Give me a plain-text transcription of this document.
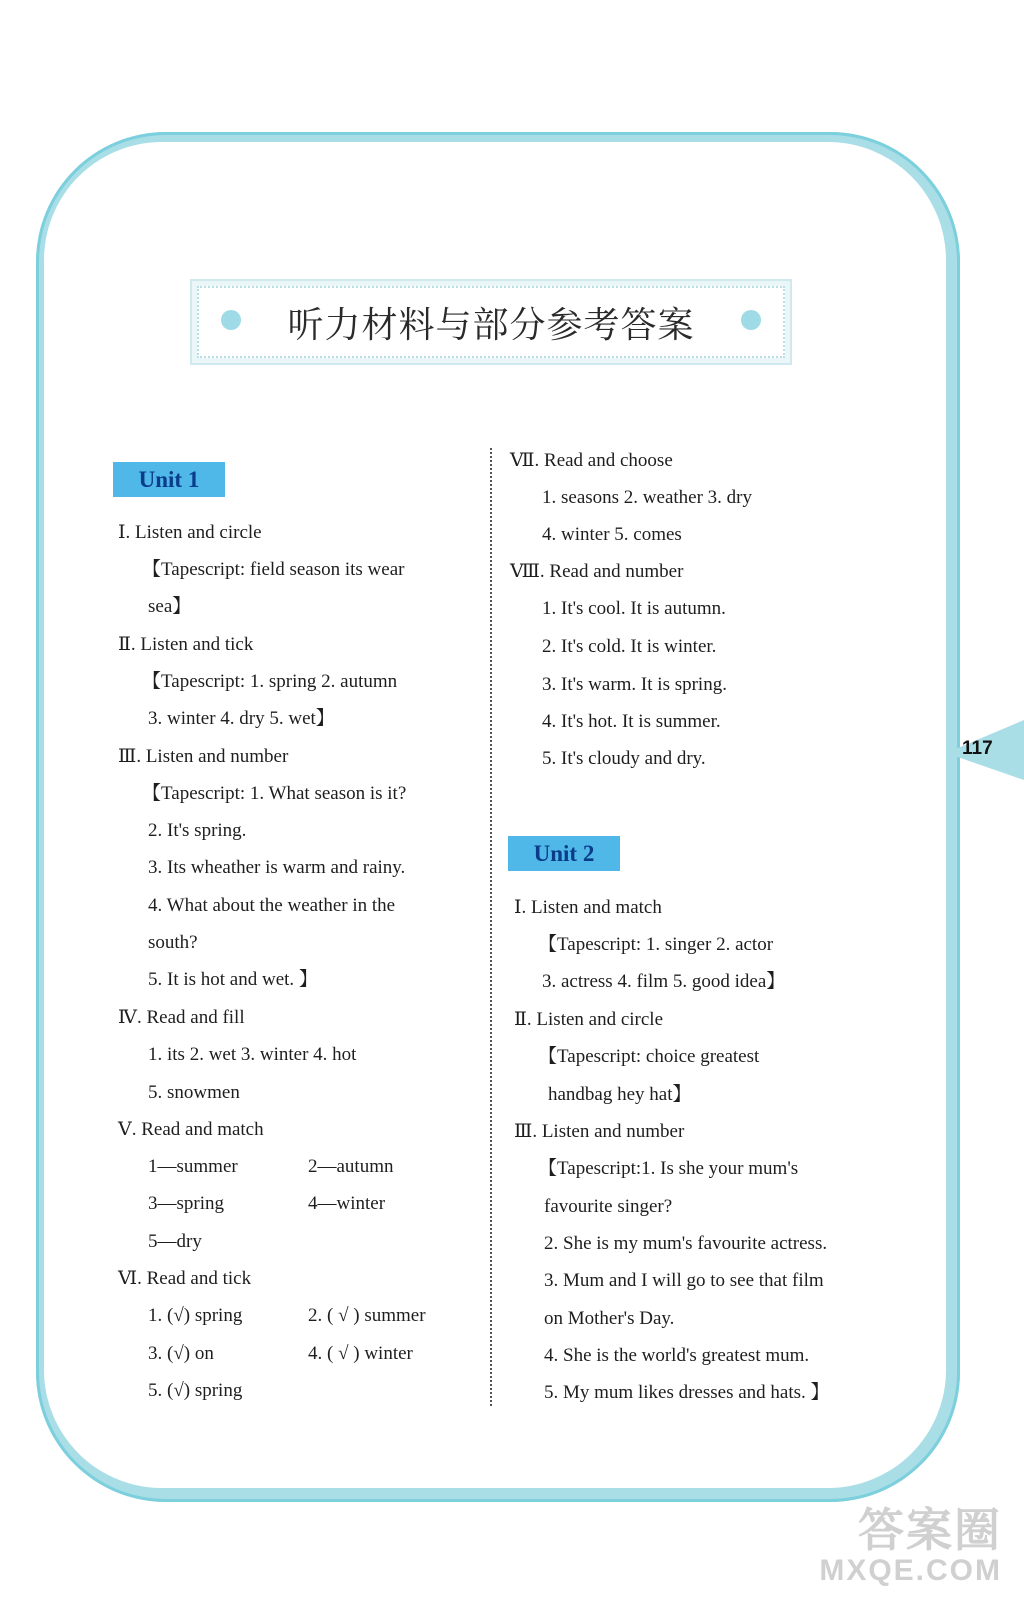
听力材料与部分参考答案
Unit 1
Ⅰ. Listen and circle
【Tapescript: field season its wear
sea】
Ⅱ. Listen and tick
【Tapescript: 1. spring 2. autumn
3. winter 4. dry 5. wet】
Ⅲ. Listen and number
【Tapescript: 1. What season is it?
2. It's spring.
3. Its wheather is warm and rainy.
4. What about the weather in the
south?
5. It is hot and wet. 】
Ⅳ. Read and fill
1. its 2. wet 3. winter 4. hot
5. snowmen
Ⅴ. Read and match
1—summer	2—autumn
3—spring	4—winter
5—dry
Ⅵ. Read and tick
1. (√) spring	2. ( √ ) summer
3. (√) on	4. ( √ ) winter
5. (√) spring
Ⅶ. Read and choose
1. seasons 2. weather 3. dry
4. winter 5. comes
Ⅷ. Read and number
1. It's cool. It is autumn.
2. It's cold. It is winter.
3. It's warm. It is spring.
4. It's hot. It is summer.
5. It's cloudy and dry.
Unit 2
Ⅰ. Listen and match
【Tapescript: 1. singer 2. actor
3. actress 4. film 5. good idea】
Ⅱ. Listen and circle
【Tapescript: choice greatest
handbag hey hat】
Ⅲ. Listen and number
【Tapescript:1. Is she your mum's
favourite singer?
2. She is my mum's favourite actress.
3. Mum and I will go to see that film
on Mother's Day.
4. She is the world's greatest mum.
5. My mum likes dresses and hats. 】
117
答案圈
MXQE.COM
